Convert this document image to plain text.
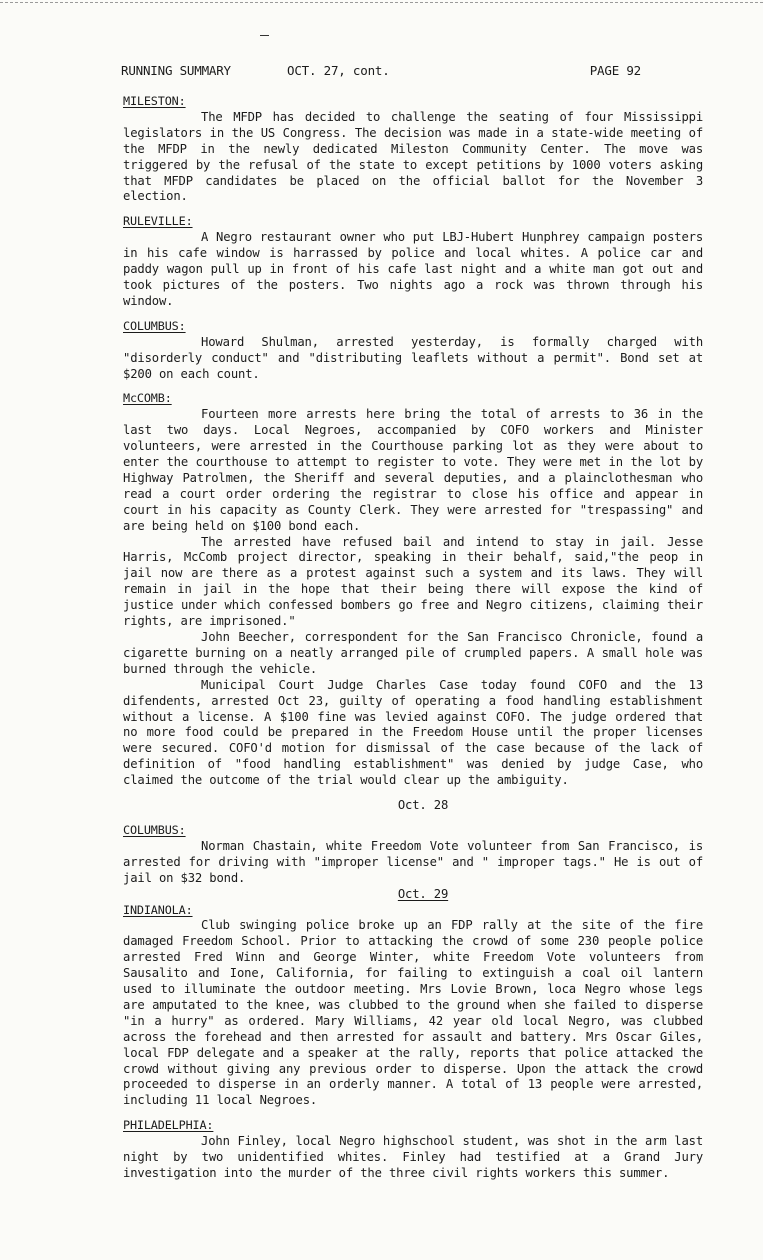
RUNNING SUMMARY	OCT. 27, cont.	PAGE 92
MILESTON:

The MFDP has decided to challenge the seating of four Mississippi legislators in the US Congress. The decision was made in a state-wide meeting of the MFDP in the newly dedicated Mileston Community Center. The move was triggered by the refusal of the state to except petitions by 1000 voters asking that MFDP candidates be placed on the official ballot for the November 3 election.

RULEVILLE:

A Negro restaurant owner who put LBJ-Hubert Hunphrey campaign posters in his cafe window is harrassed by police and local whites. A police car and paddy wagon pull up in front of his cafe last night and a white man got out and took pictures of the posters. Two nights ago a rock was thrown through his window.

COLUMBUS:

Howard Shulman, arrested yesterday, is formally charged with "disorderly conduct" and "distributing leaflets without a permit". Bond set at $200 on each count.

McCOMB:

Fourteen more arrests here bring the total of arrests to 36 in the last two days. Local Negroes, accompanied by COFO workers and Minister volunteers, were arrested in the Courthouse parking lot as they were about to enter the courthouse to attempt to register to vote. They were met in the lot by Highway Patrolmen, the Sheriff and several deputies, and a plainclothesman who read a court order ordering the registrar to close his office and appear in court in his capacity as County Clerk. They were arrested for "trespassing" and are being held on $100 bond each.

The arrested have refused bail and intend to stay in jail. Jesse Harris, McComb project director, speaking in their behalf, said,"the peop in jail now are there as a protest against such a system and its laws. They will remain in jail in the hope that their being there will expose the kind of justice under which confessed bombers go free and Negro citizens, claiming their rights, are imprisoned."

John Beecher, correspondent for the San Francisco Chronicle, found a cigarette burning on a neatly arranged pile of crumpled papers. A small hole was burned through the vehicle.

Municipal Court Judge Charles Case today found COFO and the 13 difendents, arrested Oct 23, guilty of operating a food handling establishment without a license. A $100 fine was levied against COFO. The judge ordered that no more food could be prepared in the Freedom House until the proper licenses were secured. COFO'd motion for dismissal of the case because of the lack of definition of "food handling establishment" was denied by judge Case, who claimed the outcome of the trial would clear up the ambiguity.

Oct. 28
COLUMBUS:

Norman Chastain, white Freedom Vote volunteer from San Francisco, is arrested for driving with "improper license" and " improper tags." He is out of jail on $32 bond.

Oct. 29
INDIANOLA:

Club swinging police broke up an FDP rally at the site of the fire damaged Freedom School. Prior to attacking the crowd of some 230 people police arrested Fred Winn and George Winter, white Freedom Vote volunteers from Sausalito and Ione, California, for failing to extinguish a coal oil lantern used to illuminate the outdoor meeting. Mrs Lovie Brown, loca Negro whose legs are amputated to the knee, was clubbed to the ground when she failed to disperse "in a hurry" as ordered. Mary Williams, 42 year old local Negro, was clubbed across the forehead and then arrested for assault and battery. Mrs Oscar Giles, local FDP delegate and a speaker at the rally, reports that police attacked the crowd without giving any previous order to disperse. Upon the attack the crowd proceeded to disperse in an orderly manner. A total of 13 people were arrested, including 11 local Negroes.

PHILADELPHIA:

John Finley, local Negro highschool student, was shot in the arm last night by two unidentified whites. Finley had testified at a Grand Jury investigation into the murder of the three civil rights workers this summer.
